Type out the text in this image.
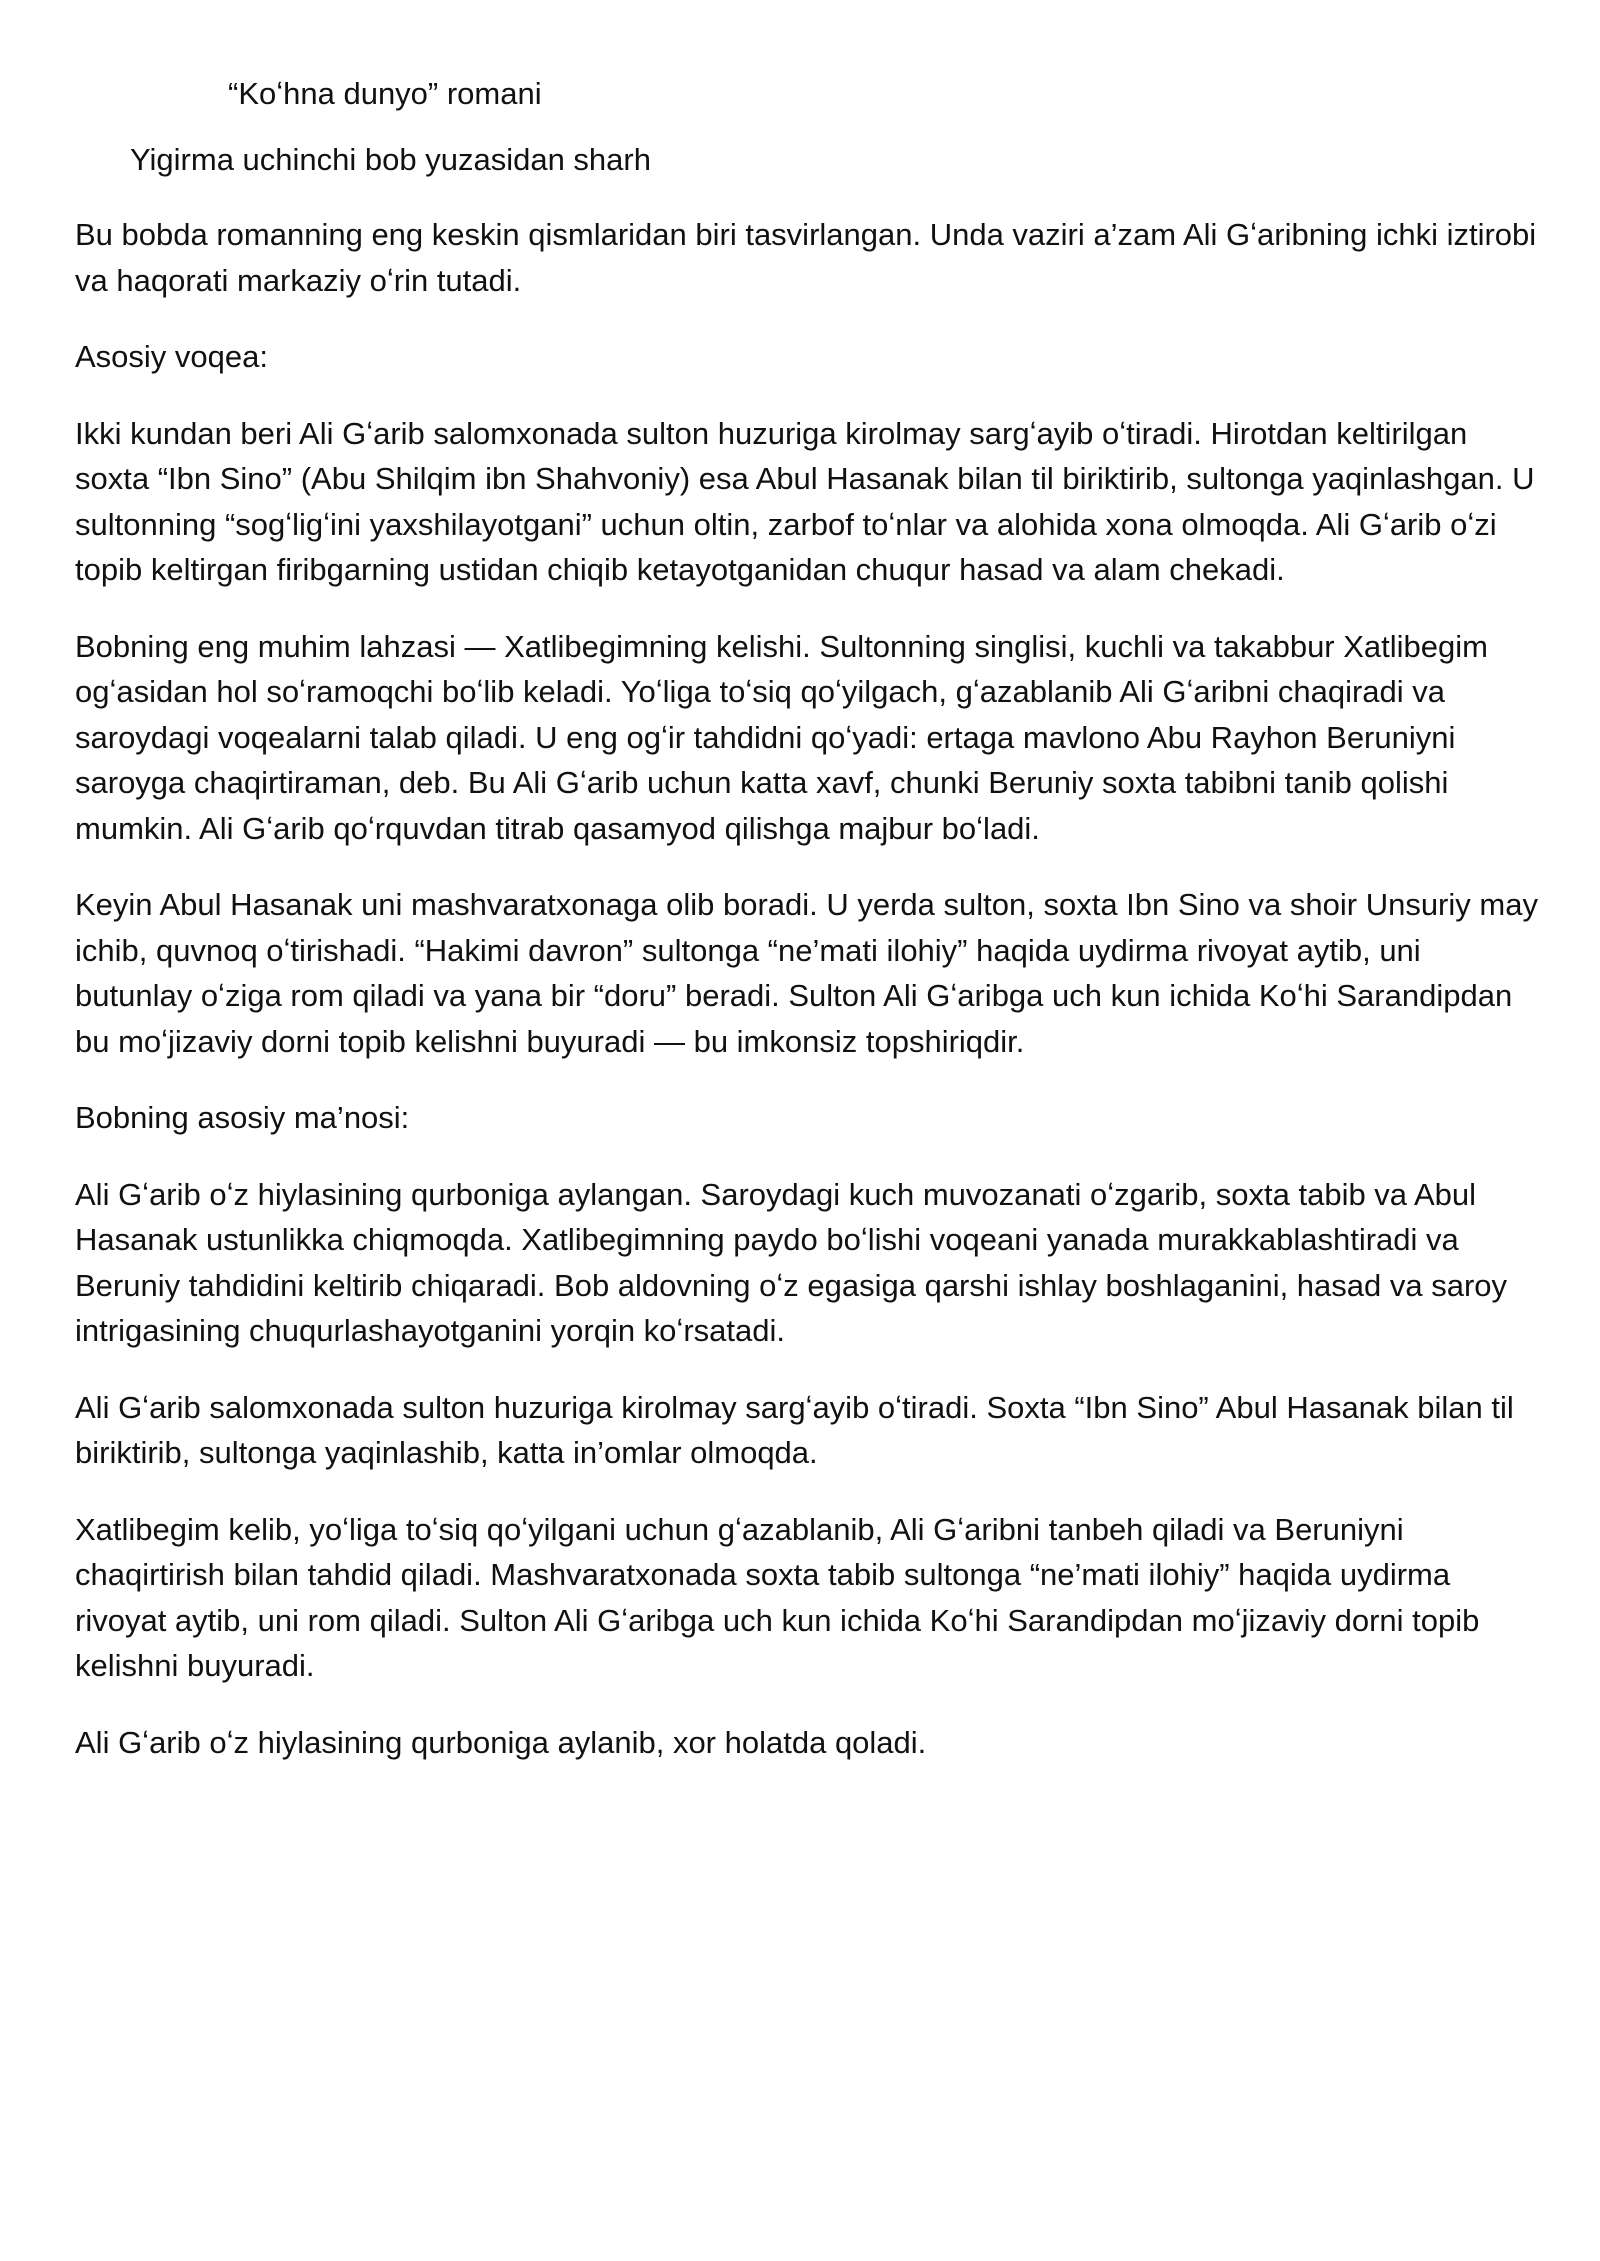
“Koʻhna dunyo” romani
Yigirma uchinchi bob yuzasidan sharh

Bu bobda romanning eng keskin qismlaridan biri tasvirlangan. Unda vaziri a’zam Ali Gʻaribning ichki iztirobi va haqorati markaziy oʻrin tutadi.

Asosiy voqea:

Ikki kundan beri Ali Gʻarib salomxonada sulton huzuriga kirolmay sargʻayib oʻtiradi. Hirotdan keltirilgan soxta “Ibn Sino” (Abu Shilqim ibn Shahvoniy) esa Abul Hasanak bilan til biriktirib, sultonga yaqinlashgan. U sultonning “sogʻligʻini yaxshilayotgani” uchun oltin, zarbof toʻnlar va alohida xona olmoqda. Ali Gʻarib oʻzi topib keltirgan firibgarning ustidan chiqib ketayotganidan chuqur hasad va alam chekadi.

Bobning eng muhim lahzasi — Xatlibegimning kelishi. Sultonning singlisi, kuchli va takabbur Xatlibegim ogʻasidan hol soʻramoqchi boʻlib keladi. Yoʻliga toʻsiq qoʻyilgach, gʻazablanib Ali Gʻaribni chaqiradi va saroydagi voqealarni talab qiladi. U eng ogʻir tahdidni qoʻyadi: ertaga mavlono Abu Rayhon Beruniyni saroyga chaqirtiraman, deb. Bu Ali Gʻarib uchun katta xavf, chunki Beruniy soxta tabibni tanib qolishi mumkin. Ali Gʻarib qoʻrquvdan titrab qasamyod qilishga majbur boʻladi.

Keyin Abul Hasanak uni mashvaratxonaga olib boradi. U yerda sulton, soxta Ibn Sino va shoir Unsuriy may ichib, quvnoq oʻtirishadi. “Hakimi davron” sultonga “ne’mati ilohiy” haqida uydirma rivoyat aytib, uni butunlay oʻziga rom qiladi va yana bir “doru” beradi. Sulton Ali Gʻaribga uch kun ichida Koʻhi Sarandipdan bu moʻjizaviy dorni topib kelishni buyuradi — bu imkonsiz topshiriqdir.

Bobning asosiy ma’nosi:

Ali Gʻarib oʻz hiylasining qurboniga aylangan. Saroydagi kuch muvozanati oʻzgarib, soxta tabib va Abul Hasanak ustunlikka chiqmoqda. Xatlibegimning paydo boʻlishi voqeani yanada murakkablashtiradi va Beruniy tahdidini keltirib chiqaradi. Bob aldovning oʻz egasiga qarshi ishlay boshlaganini, hasad va saroy intrigasining chuqurlashayotganini yorqin koʻrsatadi.

Ali Gʻarib salomxonada sulton huzuriga kirolmay sargʻayib oʻtiradi. Soxta “Ibn Sino” Abul Hasanak bilan til biriktirib, sultonga yaqinlashib, katta in’omlar olmoqda.

Xatlibegim kelib, yoʻliga toʻsiq qoʻyilgani uchun gʻazablanib, Ali Gʻaribni tanbeh qiladi va Beruniyni chaqirtirish bilan tahdid qiladi. Mashvaratxonada soxta tabib sultonga “ne’mati ilohiy” haqida uydirma rivoyat aytib, uni rom qiladi. Sulton Ali Gʻaribga uch kun ichida Koʻhi Sarandipdan moʻjizaviy dorni topib kelishni buyuradi.

Ali Gʻarib oʻz hiylasining qurboniga aylanib, xor holatda qoladi.
